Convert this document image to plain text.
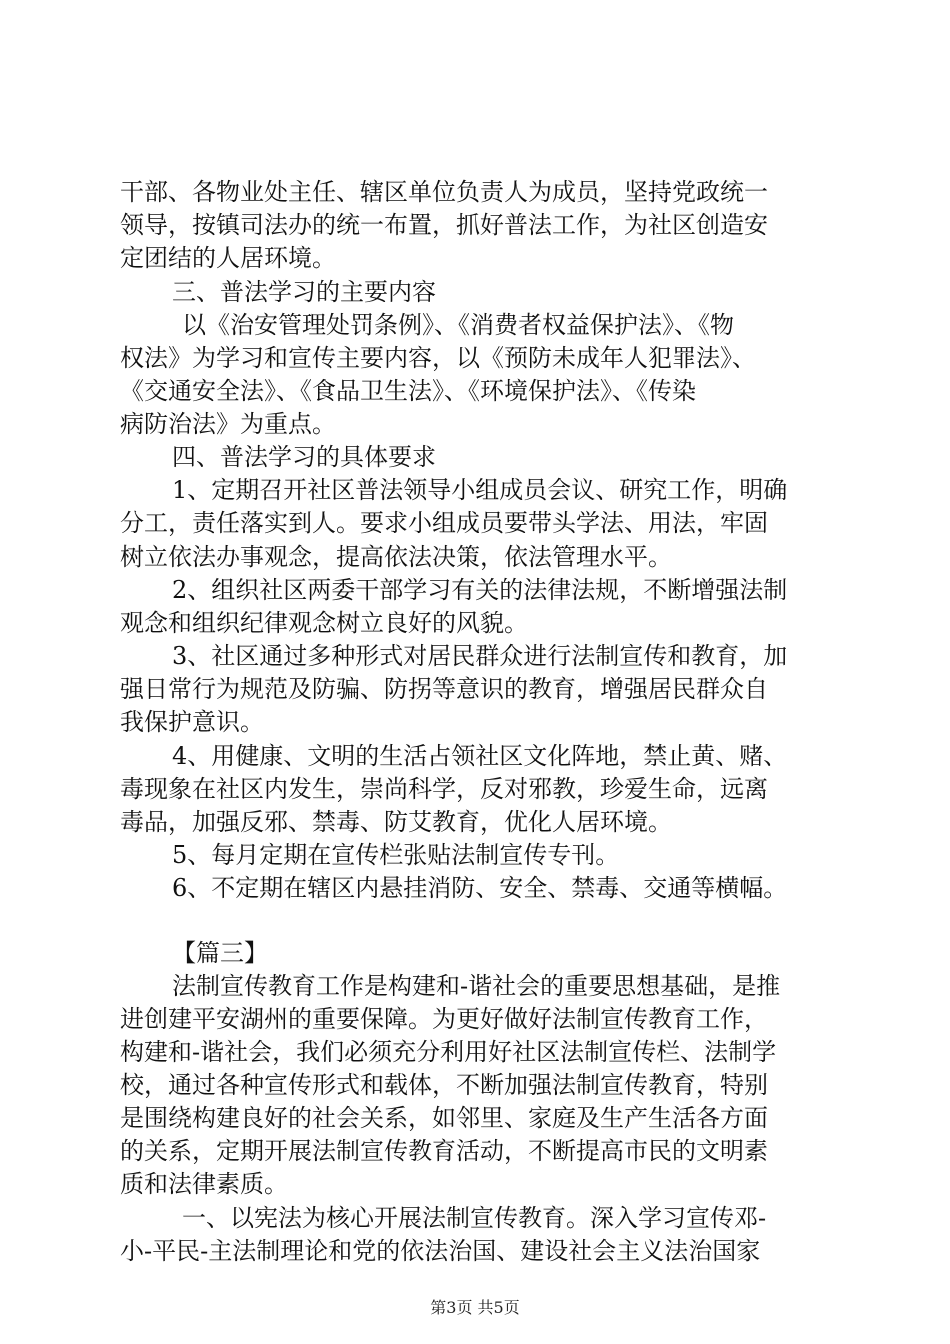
干部、各物业处主任、辖区单位负责人为成员，坚持党政统一
领导，按镇司法办的统一布置，抓好普法工作，为社区创造安
定团结的人居环境。
三、普法学习的主要内容
以《治安管理处罚条例》、《消费者权益保护法》、《物
权法》为学习和宣传主要内容，以《预防未成年人犯罪法》、
《交通安全法》、《食品卫生法》、《环境保护法》、《传染
病防治法》为重点。
四、普法学习的具体要求
1、定期召开社区普法领导小组成员会议、研究工作，明确
分工，责任落实到人。要求小组成员要带头学法、用法，牢固
树立依法办事观念，提高依法决策，依法管理水平。
2、组织社区两委干部学习有关的法律法规，不断增强法制
观念和组织纪律观念树立良好的风貌。
3、社区通过多种形式对居民群众进行法制宣传和教育，加
强日常行为规范及防骗、防拐等意识的教育，增强居民群众自
我保护意识。
4、用健康、文明的生活占领社区文化阵地，禁止黄、赌、
毒现象在社区内发生，崇尚科学，反对邪教，珍爱生命，远离
毒品，加强反邪、禁毒、防艾教育，优化人居环境。
5、每月定期在宣传栏张贴法制宣传专刊。
6、不定期在辖区内悬挂消防、安全、禁毒、交通等横幅。
【篇三】
法制宣传教育工作是构建和-谐社会的重要思想基础，是推
进创建平安湖州的重要保障。为更好做好法制宣传教育工作，
构建和-谐社会，我们必须充分利用好社区法制宣传栏、法制学
校，通过各种宣传形式和载体，不断加强法制宣传教育，特别
是围绕构建良好的社会关系，如邻里、家庭及生产生活各方面
的关系，定期开展法制宣传教育活动，不断提高市民的文明素
质和法律素质。
一、以宪法为核心开展法制宣传教育。深入学习宣传邓-
小-平民-主法制理论和党的依法治国、建设社会主义法治国家
第3页 共5页
